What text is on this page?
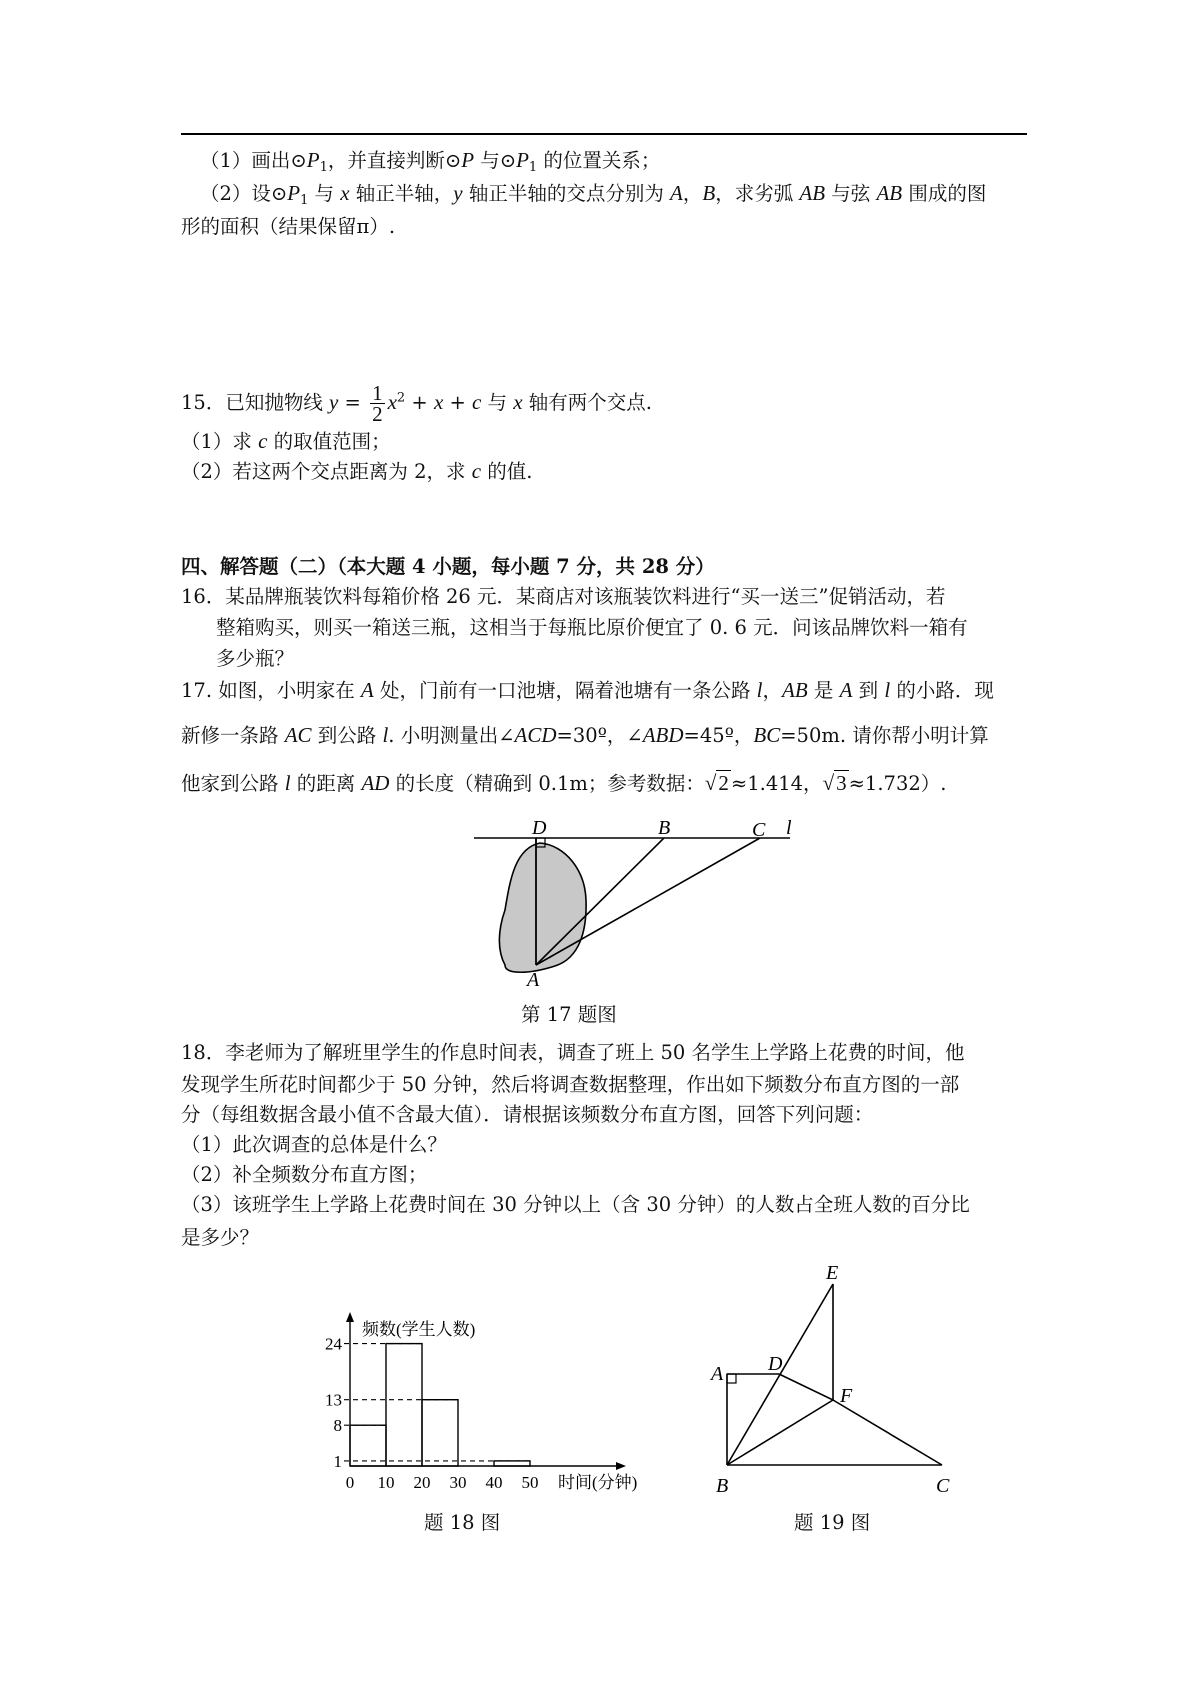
（1）画出$⊙P_1$，并直接判断⊙P 与$⊙P_1$ 的位置关系；
（2）设$⊙P_1$ 与 x 轴正半轴，y 轴正半轴的交点分别为 A，B，求劣弧 AB 与弦 AB 围成的图
形的面积（结果保留π）.
15．已知抛物线 $y = \frac{1}{2} x^2 + x + c$ 与 x 轴有两个交点.
（1）求 c 的取值范围；
（2）若这两个交点距离为 2，求 c 的值.
四、解答题（二）（本大题 4 小题，每小题 7 分，共 28 分）
16．某品牌瓶装饮料每箱价格 26 元．某商店对该瓶装饮料进行“买一送三”促销活动，若
整箱购买，则买一箱送三瓶，这相当于每瓶比原价便宜了 0. 6 元．问该品牌饮料一箱有
多少瓶？
17. 如图，小明家在 A 处，门前有一口池塘，隔着池塘有一条公路 l，AB 是 A 到 l 的小路．现
新修一条路 AC 到公路 l. 小明测量出∠ACD=30º，∠ABD=45º，BC=50m. 请你帮小明计算
他家到公路 l 的距离 AD 的长度（精确到 0.1m；参考数据：√2 ≈1.414，√3 ≈1.732）.
D	B	C l
A
第 17 题图
18．李老师为了解班里学生的作息时间表，调查了班上 50 名学生上学路上花费的时间，他
发现学生所花时间都少于 50 分钟，然后将调查数据整理，作出如下频数分布直方图的一部
分（每组数据含最小值不含最大值）．请根据该频数分布直方图，回答下列问题：
（1）此次调查的总体是什么？
（2）补全频数分布直方图；
（3）该班学生上学路上花费时间在 30 分钟以上（含 30 分钟）的人数占全班人数的百分比
是多少？
频数(学生人数)
时间(分钟)
1
8
13
24
0 10 20 30 40 50
题 18 图
E
A D
F
B	C
题 19 图
